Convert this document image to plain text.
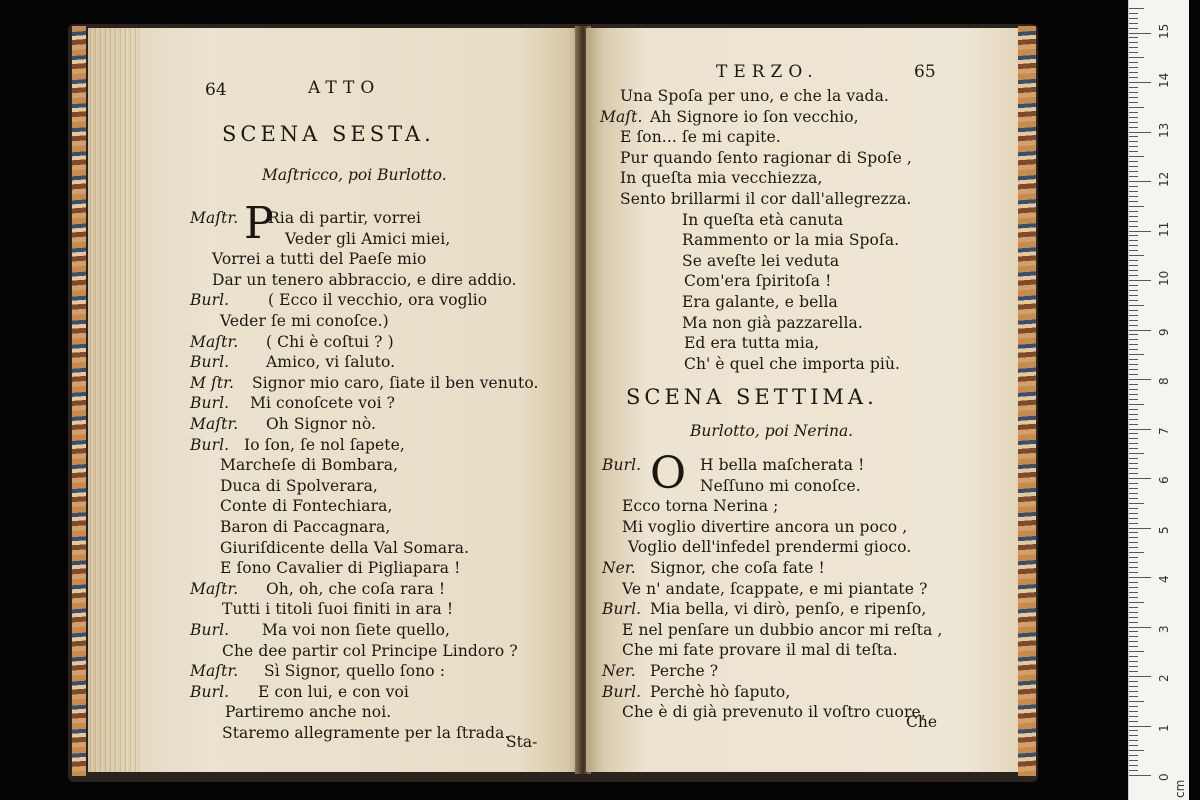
64	ATTO
SCENA SESTA.
Maſtricco, poi Burlotto.
P
Maſtr. Ria di partir, vorrei
Veder gli Amici miei,
Vorrei a tutti del Paeſe mio
Dar un tenero abbraccio, e dire addio.
Burl.	( Ecco il vecchio, ora voglio
Veder ſe mi conoſce.)
Maſtr. ( Chi è coſtui ? )
Burl. Amico, vi ſaluto.
M ſtr. Signor mio caro, ſiate il ben venuto.
Burl. Mi conoſcete voi ?
Maſtr. Oh Signor nò.
Burl. Io ſon, ſe nol ſapete,
Marcheſe di Bombara,
Duca di Spolverara,
Conte di Fontechiara,
Baron di Paccagnara,
Giuriſdicente della Val Somara.
E ſono Cavalier di Pigliapara !
Maſtr. Oh, oh, che coſa rara !
Tutti i titoli ſuoi finiti in ara !
Burl. Ma voi non ſiete quello,
Che dee partir col Principe Lindoro ?
Maſtr. Sì Signor, quello ſono :
Burl. E con lui, e con voi
Partiremo anche noi.
Staremo allegramente per la ſtrada.
Sta-
TERZO.	65
Una Spoſa per uno, e che la vada.
Maſt. Ah Signore io ſon vecchio,
E ſon... ſe mi capite.
Pur quando ſento ragionar di Spoſe ,
In queſta mia vecchiezza,
Sento brillarmi il cor dall'allegrezza.
In queſta età canuta
Rammento or la mia Spoſa.
Se aveſte lei veduta
Com'era ſpiritoſa !
Era galante, e bella
Ma non già pazzarella.
Ed era tutta mia,
Ch' è quel che importa più.
SCENA SETTIMA.
Burlotto, poi Nerina.
O
Burl.	H bella maſcherata !
Neſſuno mi conoſce.
Ecco torna Nerina ;
Mi voglio divertire ancora un poco ,
Voglio dell'infedel prendermi gioco.
Ner. Signor, che coſa fate !
Ve n' andate, ſcappate, e mi piantate ?
Burl. Mia bella, vi dirò, penſo, e ripenſo,
E nel penſare un dubbio ancor mi reſta ,
Che mi fate provare il mal di teſta.
Ner. Perche ?
Burl. Perchè hò ſaputo,
Che è di già prevenuto il voſtro cuore,
Che
0
1
2
3
4
5
6
7
8
9
10
11
12
13
14
15
cm
